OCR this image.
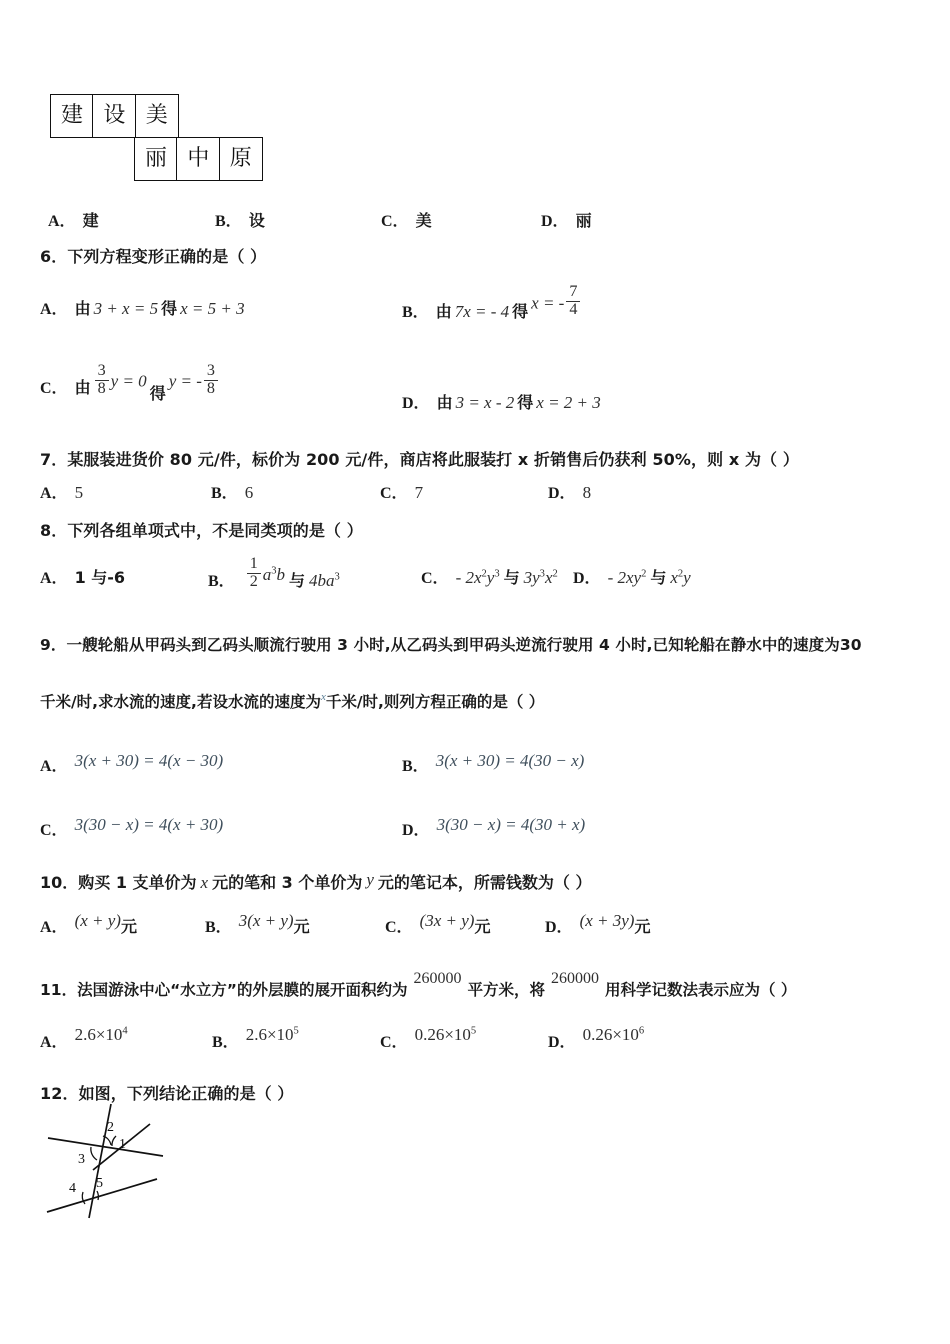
建 设 美
丽 中 原
A． 建	B． 设	C． 美	D． 丽
6．下列方程变形正确的是（ ）
A． 由 3 + x = 5 得 x = 5 + 3	B． 由 7x = - 4 得 x = - $\frac{7}{4}$
C． 由 $\frac{3}{8}$ y = 0
得
y = - $\frac{3}{8}$
D． 由 3 = x - 2 得 x = 2 + 3
7．某服装进货价 80 元/件，标价为 200 元/件，商店将此服装打 x 折销售后仍获利 50%，则 x 为（ ）
A． 5	B． 6	C． 7	D． 8
8．下列各组单项式中，不是同类项的是（ ）
A． 1 与-6	B． $\frac{1}{2} a^3b$ 与 $4ba^3$	C． - $2x^2y^3$ 与 $3y^3x^2$ D． - $2xy^2$ 与 $x^2y$
9．一艘轮船从甲码头到乙码头顺流行驶用 3 小时,从乙码头到甲码头逆流行驶用 4 小时,已知轮船在静水中的速度为30
千米/时,求水流的速度,若设水流的速度为 x 千米/时,则列方程正确的是（ ）
A． 3(x + 30) = 4(x − 30)	B． 3(x + 30) = 4(30 − x)
C． 3(30 − x) = 4(x + 30)	D． 3(30 − x) = 4(30 + x)
10．购买 1 支单价为 x 元的笔和 3 个单价为 y 元的笔记本，所需钱数为（ ）
A． (x + y) 元	B． 3(x + y) 元	C． (3x + y) 元	D． (x + 3y) 元
11．法国游泳中心“水立方”的外层膜的展开面积约为
260000
平方米，将
260000
用科学记数法表示应为（ ）
A． $2.6\times 10^4$
B． $2.6\times 10^5$
C． $0.26\times 10^5$
D． $0.26\times 10^6$
12．如图，下列结论正确的是（ ）
2
1
3
4 5
